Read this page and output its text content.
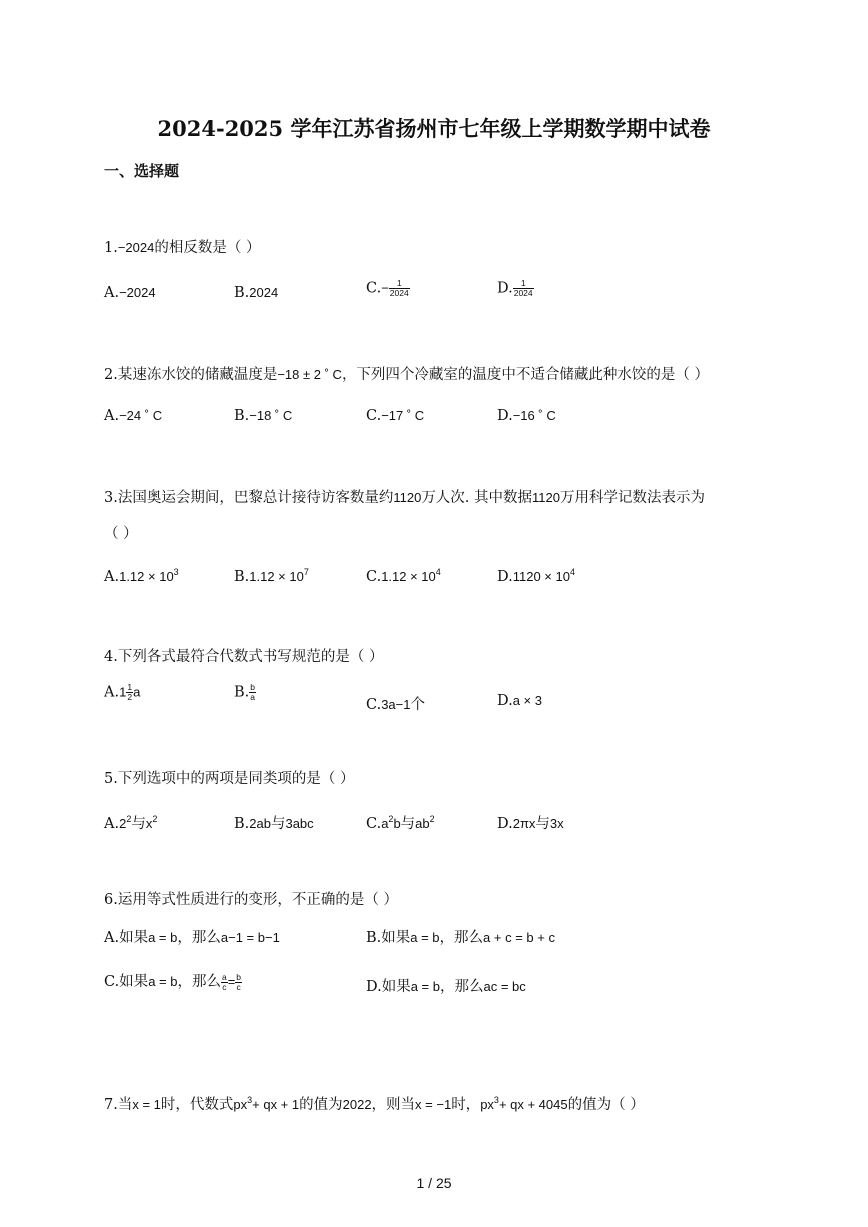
2024-2025 学年江苏省扬州市七年级上学期数学期中试卷
一、选择题
1.−2024的相反数是（ ）
A.−2024	B.2024	$C.- \frac{1}{2024}$	D. $\frac{1}{2024}$
2.某速冻水饺的储藏温度是−18 ± 2 ˚ C，下列四个冷藏室的温度中不适合储藏此种水饺的是（ ）
A.−24 ˚ C	B.−18 ˚ C	C.−17 ˚ C	D.−16 ˚ C
3.法国奥运会期间，巴黎总计接待访客数量约1120万人次. 其中数据1120万用科学记数法表示为
（ ）
$A.1.12 \times 10^3$	$B.1.12 \times 10^7$	$C.1.12 \times 10^4$	$D.1120 \times 10^4$
4.下列各式最符合代数式书写规范的是（ ）
$A.1 \frac{1}{2}$ a	B. $\frac{b}{a}$
C.3a−1个	D.a × 3
5.下列选项中的两项是同类项的是（ ）
$A.2^2$与$x^2$	B.2ab与3abc	$C.a^2b$与$ab^2$	D.2πx与3x
6.运用等式性质进行的变形，不正确的是（ ）
A.如果a = b，那么a−1 = b−1	B.如果a = b，那么a + c = b + c
C.如果a = b，那么 $\frac{a}{c} = \frac{b}{c}$	D.如果a = b，那么ac = bc
7.当x = 1时，代数式$px^3+$ qx + 1的值为2022，则当x = −1时，$px^3+$ qx + 4045的值为（ ）
1 / 25
